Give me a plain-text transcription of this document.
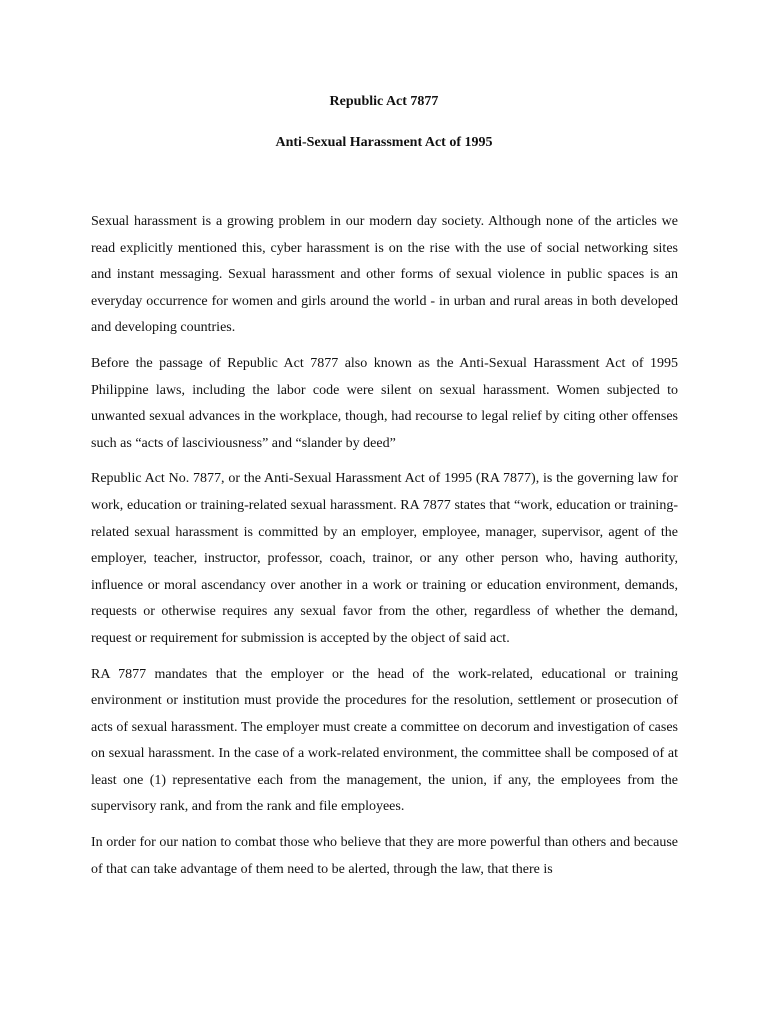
Republic Act 7877
Anti-Sexual Harassment Act of 1995

Sexual harassment is a growing problem in our modern day society. Although none of the articles we read explicitly mentioned this, cyber harassment is on the rise with the use of social networking sites and instant messaging. Sexual harassment and other forms of sexual violence in public spaces is an everyday occurrence for women and girls around the world - in urban and rural areas in both developed and developing countries.

Before the passage of Republic Act 7877 also known as the Anti-Sexual Harassment Act of 1995 Philippine laws, including the labor code were silent on sexual harassment. Women subjected to unwanted sexual advances in the workplace, though, had recourse to legal relief by citing other offenses such as “acts of lasciviousness” and “slander by deed”

Republic Act No. 7877, or the Anti-Sexual Harassment Act of 1995 (RA 7877), is the governing law for work, education or training-related sexual harassment. RA 7877 states that “work, education or training-related sexual harassment is committed by an employer, employee, manager, supervisor, agent of the employer, teacher, instructor, professor, coach, trainor, or any other person who, having authority, influence or moral ascendancy over another in a work or training or education environment, demands, requests or otherwise requires any sexual favor from the other, regardless of whether the demand, request or requirement for submission is accepted by the object of said act.

RA 7877 mandates that the employer or the head of the work-related, educational or training environment or institution must provide the procedures for the resolution, settlement or prosecution of acts of sexual harassment. The employer must create a committee on decorum and investigation of cases on sexual harassment. In the case of a work-related environment, the committee shall be composed of at least one (1) representative each from the management, the union, if any, the employees from the supervisory rank, and from the rank and file employees.

In order for our nation to combat those who believe that they are more powerful than others and because of that can take advantage of them need to be alerted, through the law, that there is
